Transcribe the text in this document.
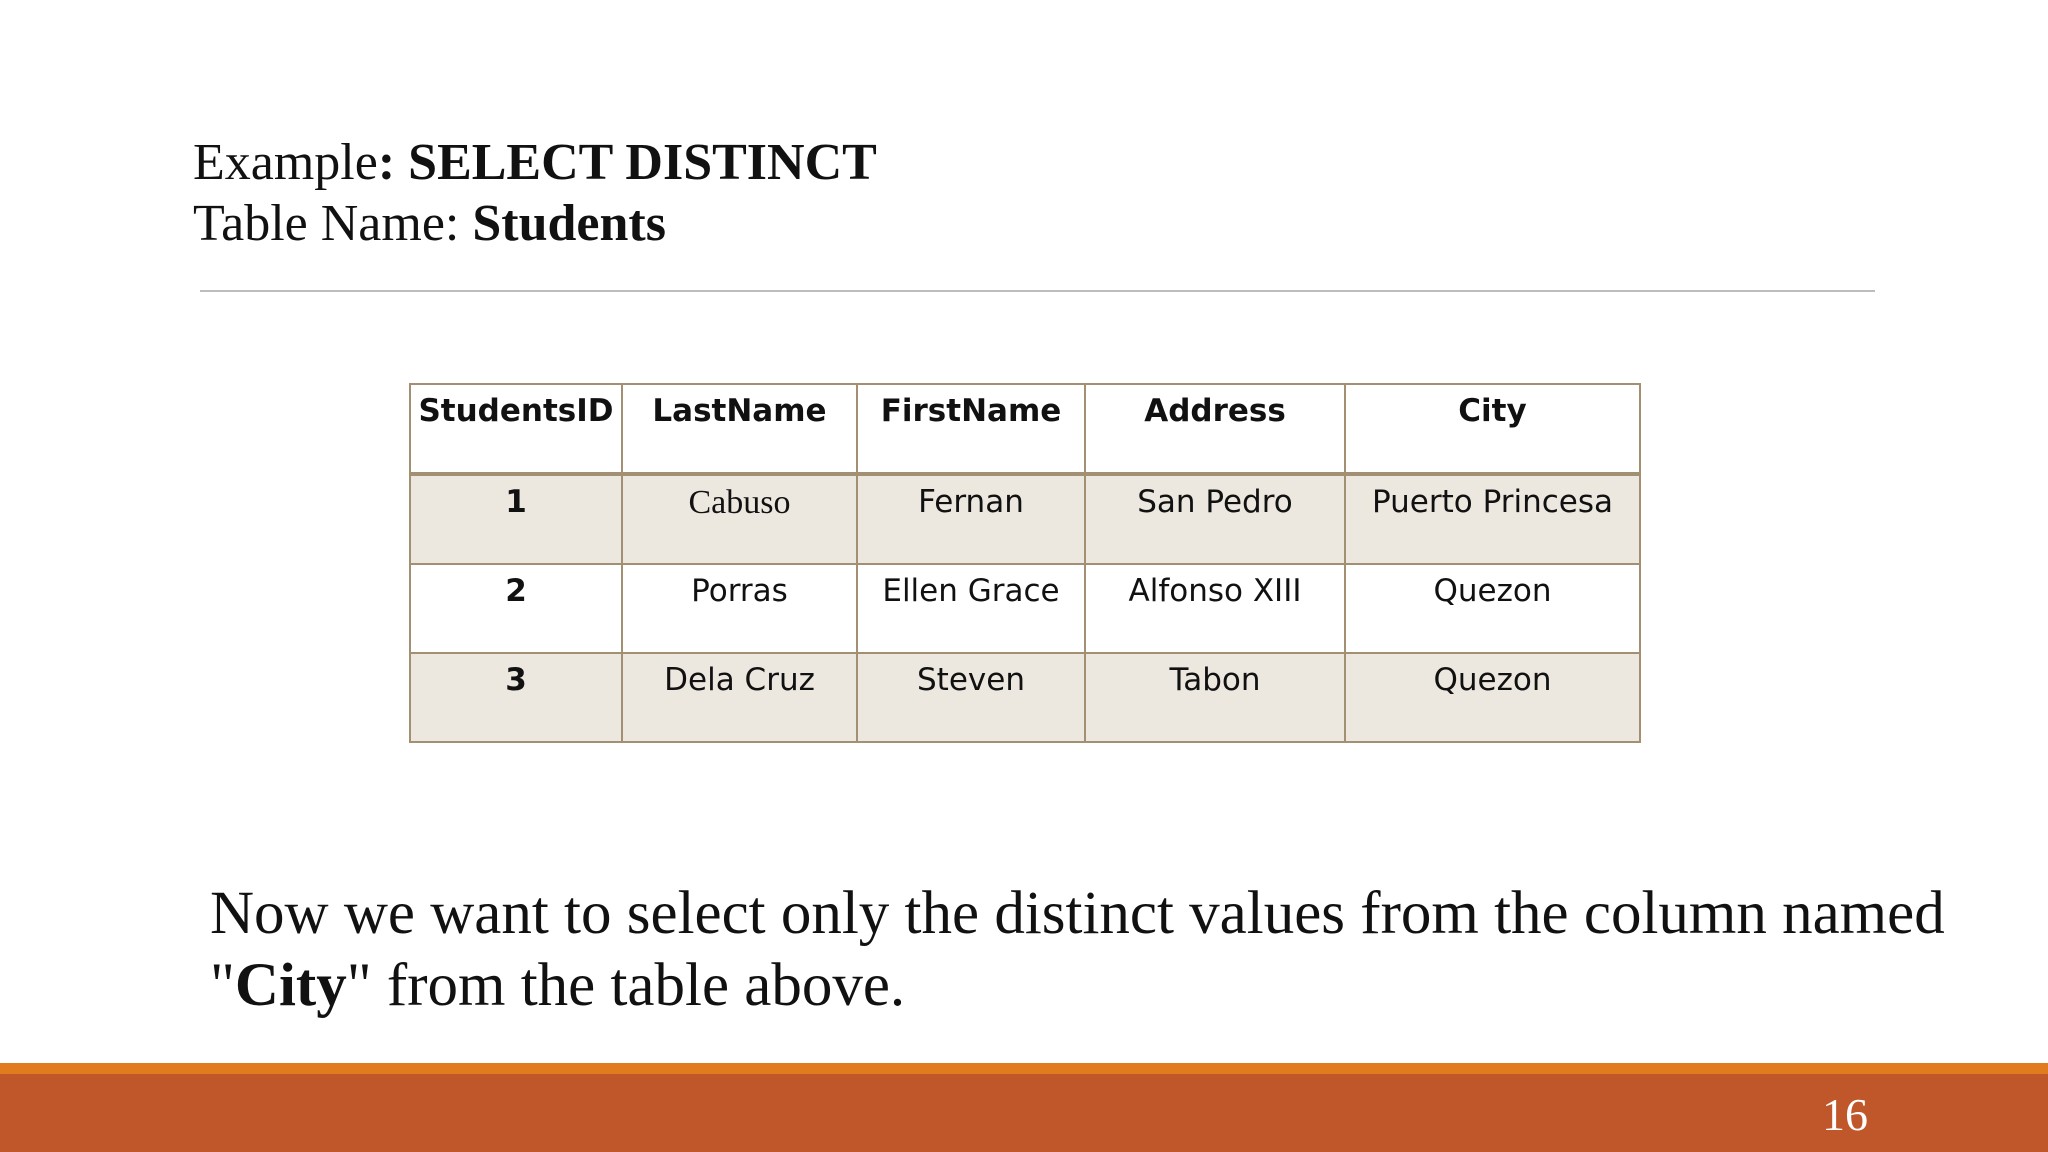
Example: SELECT DISTINCT
Table Name: Students
StudentsID	LastName	FirstName	Address	City
1	Cabuso	Fernan	San Pedro	Puerto Princesa
2	Porras	Ellen Grace	Alfonso XIII	Quezon
3	Dela Cruz	Steven	Tabon	Quezon
Now we want to select only the distinct values from the column named "City" from the table above.
16
